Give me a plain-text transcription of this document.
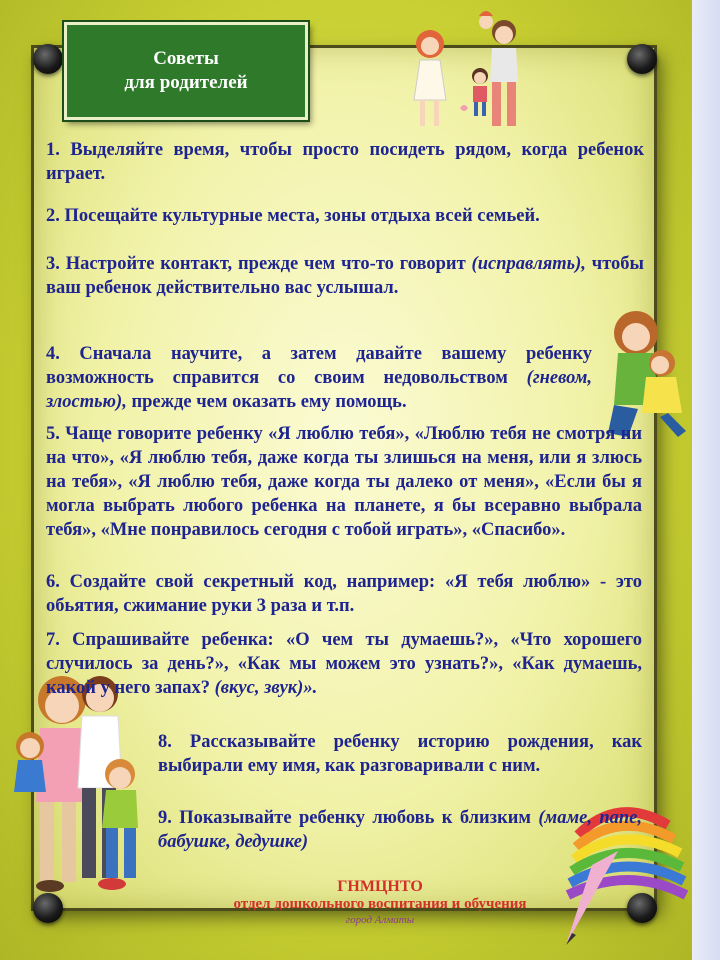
Советы
для родителей

1. Выделяйте время, чтобы просто посидеть рядом, когда ребенок играет.

2. Посещайте культурные места, зоны отдыха всей семьей.

3. Настройте контакт, прежде чем что-то говорит (исправлять), чтобы ваш ребенок действительно вас услышал.

4. Сначала научите, а затем давайте вашему ребенку возможность справится со своим недовольством (гневом, злостью), прежде чем оказать ему помощь.

5. Чаще говорите ребенку «Я люблю тебя», «Люблю тебя не смотря ни на что», «Я люблю тебя, даже когда ты злишься на меня, или я злюсь на тебя», «Я люблю тебя, даже когда ты далеко от меня», «Если бы я могла выбрать любого ребенка на планете, я бы всеравно выбрала тебя», «Мне понравилось сегодня с тобой играть», «Спасибо».

6. Создайте свой секретный код, например: «Я тебя люблю» - это обьятия, сжимание руки 3 раза и т.п.

7. Спрашивайте ребенка: «О чем ты думаешь?», «Что хорошего случилось за день?», «Как мы можем это узнать?», «Как думаешь, какой у него запах? (вкус, звук)».

8. Рассказывайте ребенку историю рождения, как выбирали ему имя, как разговаривали с ним.

9. Показывайте ребенку любовь к близким (маме, папе, бабушке, дедушке)

ГНМЦНТО
отдел дошкольного воспитания и обучения
город Алматы
